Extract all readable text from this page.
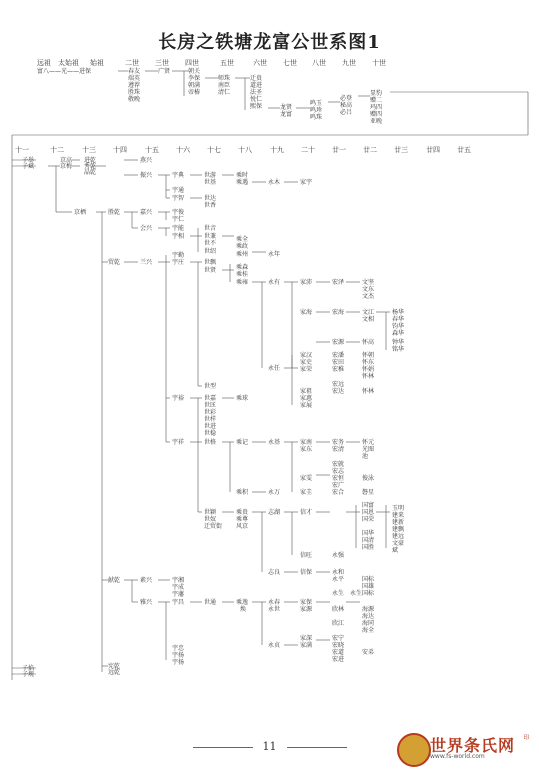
长房之铁塘龙富公世系图1
远祖 太始祖 始祖	二世 三世 四世	五世	六世 七世 八世 九世 十世
富八——光——进保	春友
端英
遵荐
胜珠
敬晚
广贤	朝关
李保
朝满
帝椿
师珠
南臣
清仁
迁贵
道进
法圣
悦仁
熙保	龙贤
龙富
鸣玉
鸣珍
鸣珠
必登
秘高
必吕
显豹
赠二
玛四
赠四
亚晚
十一	十二	十三 十四	十五 十六 十七 十八	十九 二十 廿一 廿二 廿三	廿四 廿五
子举
子斌
子焰
子规
京高
京梅
京栖
进乾
秀乾
晶乾
胜乾
贸乾
献乾
宪乾
远乾
燕兴
振兴
嘉兴
会兴
兰兴
素兴
雅兴
宇典
宇通
宇智
宇俊
宇仁
宇能
宇相
宇勤
宇庄
宇裕
宇祥
宇湘
宇成
宇藩
宇昌
宇忠
宇扬
宇扬
世游
世基
世达
世香
世音
世兼
世不
世绍
世飘
世贤
世型
世嘉
世匡
世彩
世样
世进
世稳
世格
世颖
世奴
迁贸街
世通
乘时
乘遇
乘全
乘政
乘州
乘森
乘桂
乘雍
乘球
乘记
乘积
乘贵
乘尊
风京
乘逸
焕
永木
永年
永有
永任
永基
永万
志湖
志良
永春
永世
永贞
家宇
家沛
家海
家汉
家史
家荣
家祖
家惠
家展
家南
家东
家雯
家圭
信才
信旺
信保
家保
家源
家深
家满
宏泽
宏海
宏源
宏潘
宏田
宏稚
宏远
宏达
宏务
宏清
宏就
宏志
宏恒
宏广
宏合
永强
永和
永平
永生
欣林
欣江
宏宁
宏晓
宏道
宏进
文坚
文东
文杰
文江
文相
怀高
怀朝
怀东
怀娟
怀林
怀林
怀元
光图
池
俊泳
磐星
国富
国恩
国荣
国华
国清
国胜
国标
国雄
国标
海源
海达
海同
海全
永生
安弟
杨华
春华
钧华
森华
钟华
铭华
玉明
建来
建新
建飘
建远
文豪
斌
11	世界条氏网
www.fs-world.com
印
